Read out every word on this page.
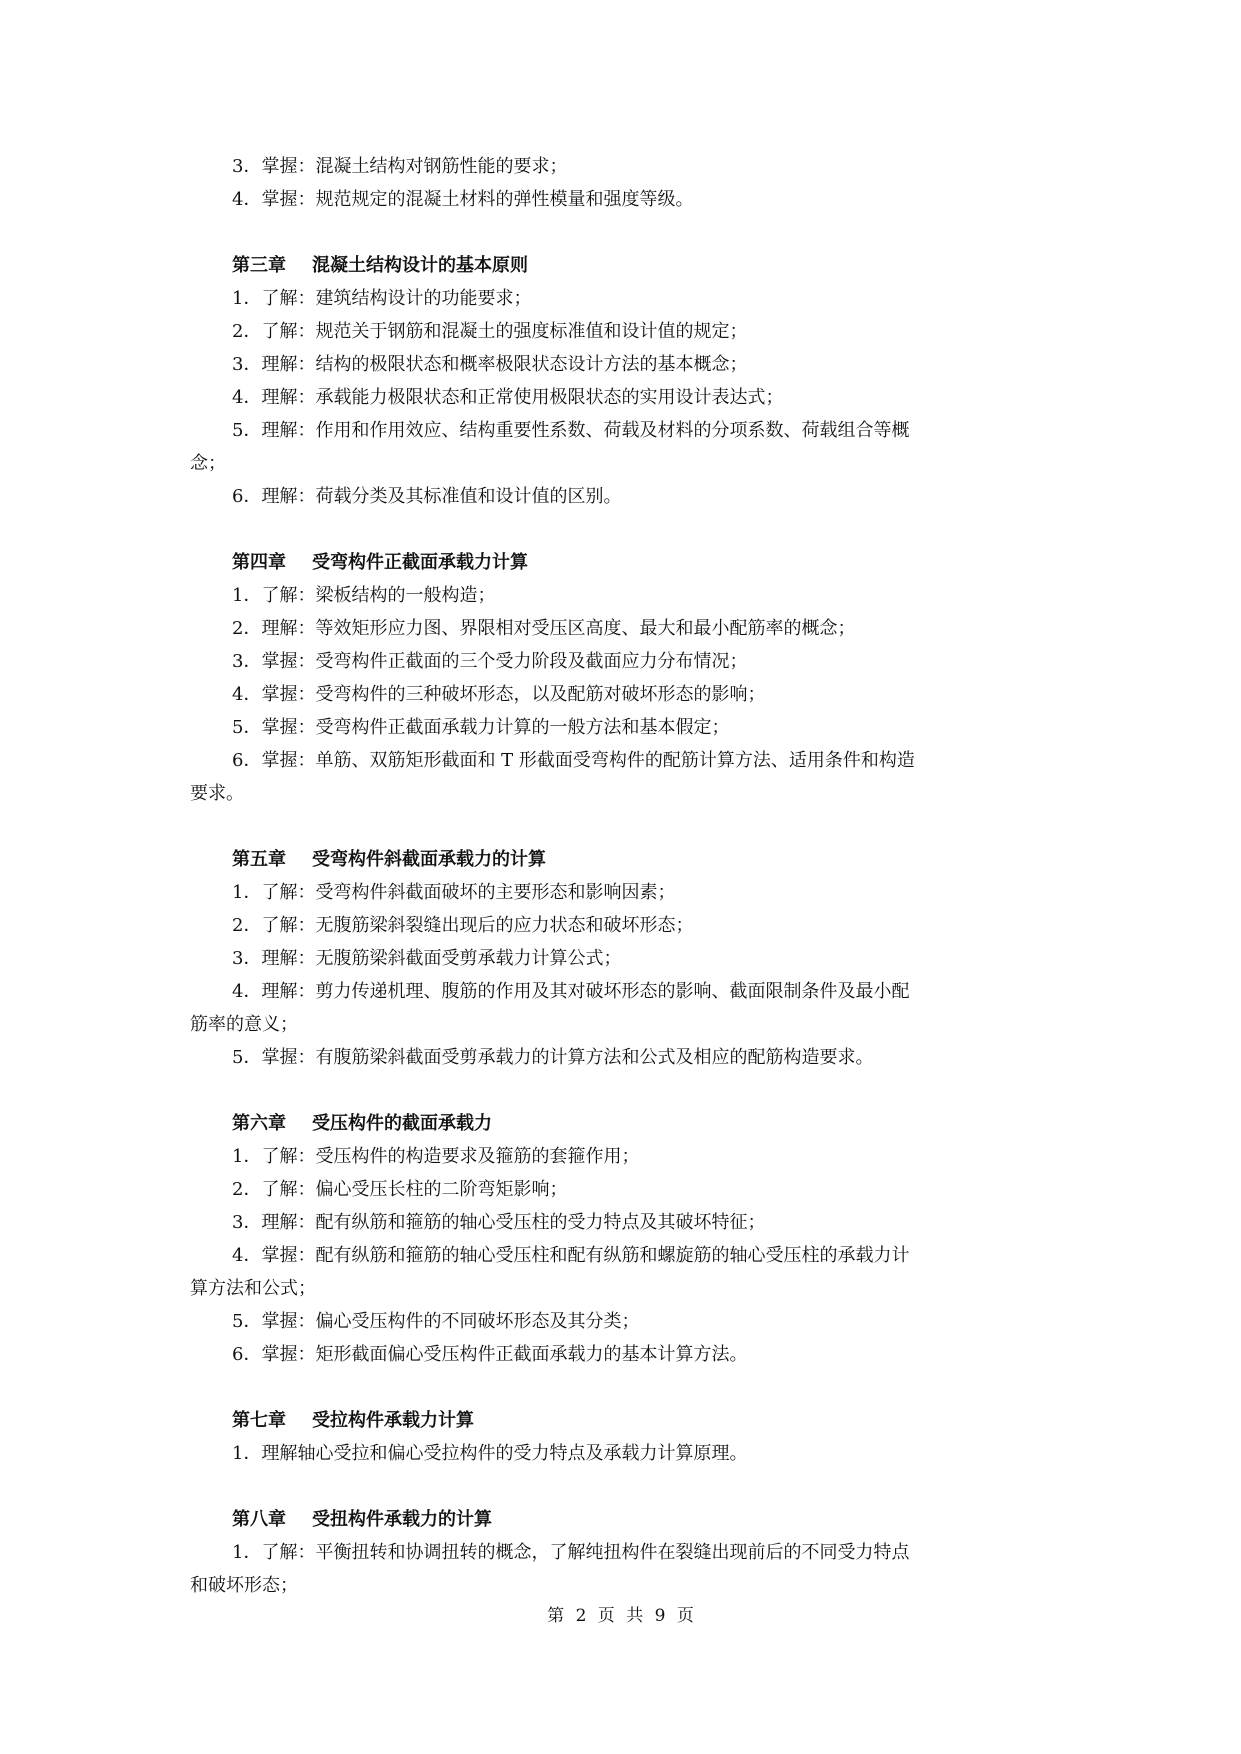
3．掌握：混凝土结构对钢筋性能的要求；
4．掌握：规范规定的混凝土材料的弹性模量和强度等级。
第三章 混凝土结构设计的基本原则
1．了解：建筑结构设计的功能要求；
2．了解：规范关于钢筋和混凝土的强度标准值和设计值的规定；
3．理解：结构的极限状态和概率极限状态设计方法的基本概念；
4．理解：承载能力极限状态和正常使用极限状态的实用设计表达式；
5．理解：作用和作用效应、结构重要性系数、荷载及材料的分项系数、荷载组合等概
念；
6．理解：荷载分类及其标准值和设计值的区别。
第四章 受弯构件正截面承载力计算
1．了解：梁板结构的一般构造；
2．理解：等效矩形应力图、界限相对受压区高度、最大和最小配筋率的概念；
3．掌握：受弯构件正截面的三个受力阶段及截面应力分布情况；
4．掌握：受弯构件的三种破坏形态，以及配筋对破坏形态的影响；
5．掌握：受弯构件正截面承载力计算的一般方法和基本假定；
6．掌握：单筋、双筋矩形截面和 T 形截面受弯构件的配筋计算方法、适用条件和构造
要求。
第五章 受弯构件斜截面承载力的计算
1．了解：受弯构件斜截面破坏的主要形态和影响因素；
2．了解：无腹筋梁斜裂缝出现后的应力状态和破坏形态；
3．理解：无腹筋梁斜截面受剪承载力计算公式；
4．理解：剪力传递机理、腹筋的作用及其对破坏形态的影响、截面限制条件及最小配
筋率的意义；
5．掌握：有腹筋梁斜截面受剪承载力的计算方法和公式及相应的配筋构造要求。
第六章 受压构件的截面承载力
1．了解：受压构件的构造要求及箍筋的套箍作用；
2．了解：偏心受压长柱的二阶弯矩影响；
3．理解：配有纵筋和箍筋的轴心受压柱的受力特点及其破坏特征；
4．掌握：配有纵筋和箍筋的轴心受压柱和配有纵筋和螺旋筋的轴心受压柱的承载力计
算方法和公式；
5．掌握：偏心受压构件的不同破坏形态及其分类；
6．掌握：矩形截面偏心受压构件正截面承载力的基本计算方法。
第七章 受拉构件承载力计算
1．理解轴心受拉和偏心受拉构件的受力特点及承载力计算原理。
第八章 受扭构件承载力的计算
1．了解：平衡扭转和协调扭转的概念，了解纯扭构件在裂缝出现前后的不同受力特点
和破坏形态；
第 2 页 共 9 页
